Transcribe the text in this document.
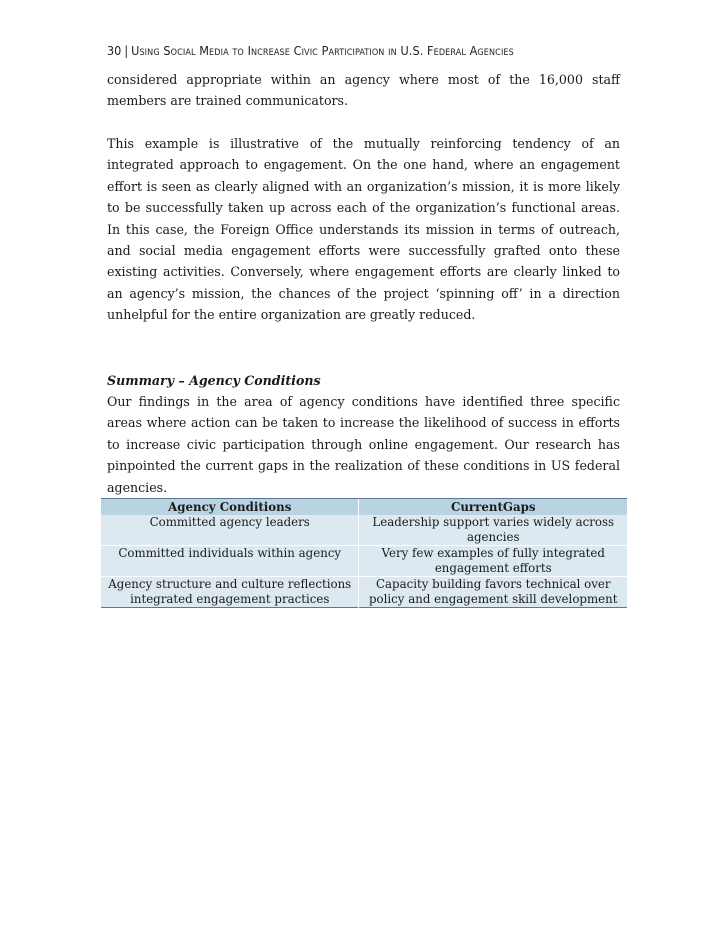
30 | Using Social Media to Increase Civic Participation in U.S. Federal Agencies

considered appropriate within an agency where most of the 16,000 staff members are trained communicators.

This example is illustrative of the mutually reinforcing tendency of an integrated approach to engagement. On the one hand, where an engagement effort is seen as clearly aligned with an organization’s mission, it is more likely to be successfully taken up across each of the organization’s functional areas. In this case, the Foreign Office understands its mission in terms of outreach, and social media engagement efforts were successfully grafted onto these existing activities. Conversely, where engagement efforts are clearly linked to an agency’s mission, the chances of the project ‘spinning off’ in a direction unhelpful for the entire organization are greatly reduced.

Summary – Agency Conditions

Our findings in the area of agency conditions have identified three specific areas where action can be taken to increase the likelihood of success in efforts to increase civic participation through online engagement. Our research has pinpointed the current gaps in the realization of these conditions in US federal agencies.

Agency Conditions	CurrentGaps
Committed agency leaders	Leadership support varies widely across agencies
Committed individuals within agency	Very few examples of fully integrated engagement efforts
Agency structure and culture reflections integrated engagement practices	Capacity building favors technical over policy and engagement skill development
